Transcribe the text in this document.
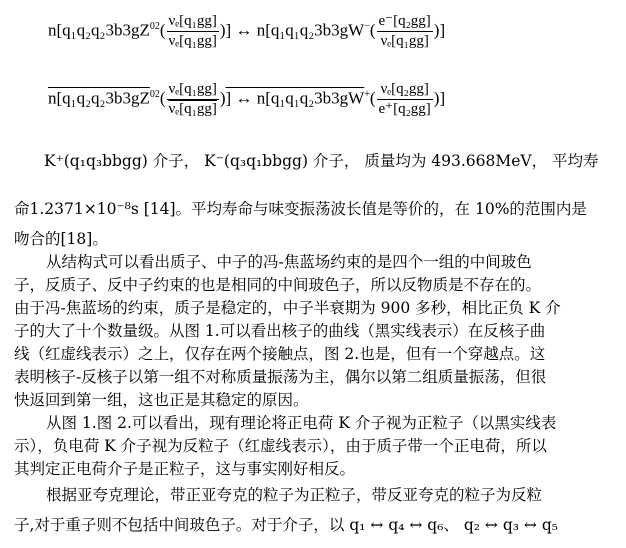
$n[q_1q_2q_23b3gZ^{02}( \frac{\text{νₑ[q₁gg]}}{\text{νₑ[q₁gg]}}$ )] ↔ $n[q_1q_1q_23b3gW^-( \frac{\text{e⁻[q₂gg]}}{\text{νₑ[q₁gg]}}$ )]
$n[q_1q_2q_23b3gZ^{02}( \frac{\text{νₑ[q₁gg]}}{\text{νₑ[q₁gg]}}$ )] ↔ $n[q_1q_1q_23b3gW^+( \frac{\text{νₑ[q₂gg]}}{\text{e⁺[q₂gg]}}$ )]
K⁺(q₁q₃bbgg) 介子， K⁻(q₃q₁bbgg) 介子， 质量均为 493.668MeV， 平均寿
命1.2371×10⁻⁸s [14]。平均寿命与味变振荡波长值是等价的，在 10%的范围内是
吻合的[18]。
从结构式可以看出质子、中子的冯-焦蓝场约束的是四个一组的中间玻色
子，反质子、反中子约束的也是相同的中间玻色子，所以反物质是不存在的。
由于冯-焦蓝场的约束，质子是稳定的，中子半衰期为 900 多秒，相比正负 K 介
子的大了十个数量级。从图 1.可以看出核子的曲线（黑实线表示）在反核子曲
线（红虚线表示）之上，仅存在两个接触点，图 2.也是，但有一个穿越点。这
表明核子-反核子以第一组不对称质量振荡为主，偶尔以第二组质量振荡，但很
快返回到第一组，这也正是其稳定的原因。
从图 1.图 2.可以看出，现有理论将正电荷 K 介子视为正粒子（以黑实线表
示），负电荷 K 介子视为反粒子（红虚线表示），由于质子带一个正电荷，所以
其判定正电荷介子是正粒子，这与事实刚好相反。
根据亚夸克理论，带正亚夸克的粒子为正粒子，带反亚夸克的粒子为反粒
子,对于重子则不包括中间玻色子。对于介子，以 q₁ ↔ q₄ ↔ q₆、 q₂ ↔ q₃ ↔ q₅
